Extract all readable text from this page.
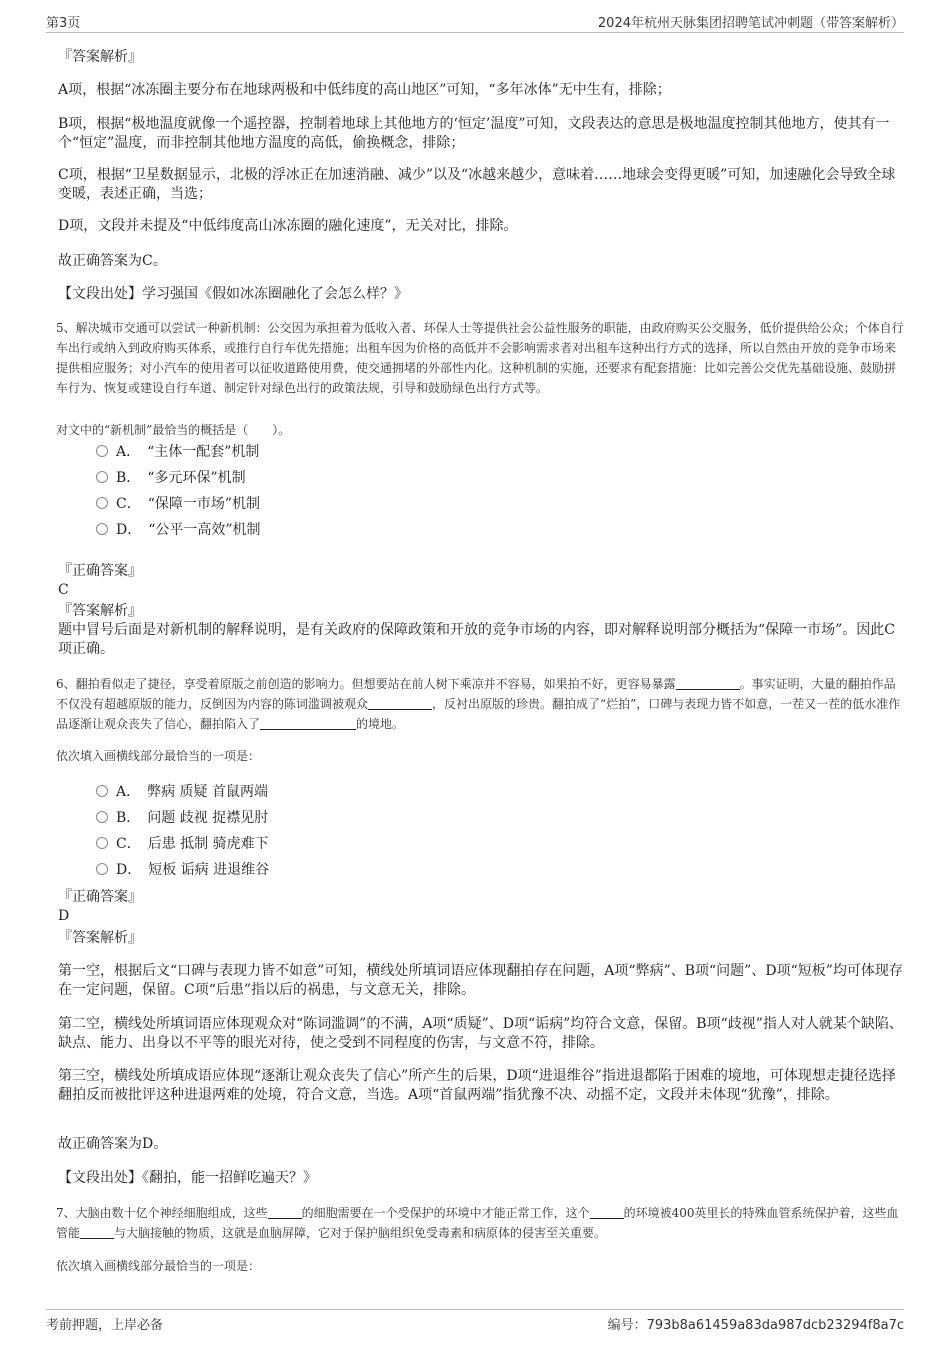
第3页	2024年杭州天脉集团招聘笔试冲刺题（带答案解析）

『答案解析』

A项，根据“冰冻圈主要分布在地球两极和中低纬度的高山地区”可知，“多年冰体”无中生有，排除；

B项，根据“极地温度就像一个遥控器，控制着地球上其他地方的‘恒定’温度”可知，文段表达的意思是极地温度控制其他地方，使其有一个“恒定”温度，而非控制其他地方温度的高低，偷换概念，排除；

C项，根据“卫星数据显示，北极的浮冰正在加速消融、减少”以及“冰越来越少，意味着……地球会变得更暖”可知，加速融化会导致全球变暖，表述正确，当选；

D项，文段并未提及“中低纬度高山冰冻圈的融化速度”，无关对比，排除。

故正确答案为C。

【文段出处】学习强国《假如冰冻圈融化了会怎么样？》

5、解决城市交通可以尝试一种新机制：公交因为承担着为低收入者、环保人士等提供社会公益性服务的职能，由政府购买公交服务，低价提供给公众；个体自行车出行或纳入到政府购买体系，或推行自行车优先措施；出租车因为价格的高低并不会影响需求者对出租车这种出行方式的选择，所以自然由开放的竞争市场来提供相应服务；对小汽车的使用者可以征收道路使用费，使交通拥堵的外部性内化。这种机制的实施，还要求有配套措施：比如完善公交优先基础设施、鼓励拼车行为、恢复或建设自行车道、制定针对绿色出行的政策法规，引导和鼓励绿色出行方式等。

对文中的“新机制”最恰当的概括是（　　）。

A．　“主体一配套”机制
B．　“多元环保”机制
C．　“保障一市场”机制
D．　“公平一高效”机制

『正确答案』

C

『答案解析』

题中冒号后面是对新机制的解释说明，是有关政府的保障政策和开放的竞争市场的内容，即对解释说明部分概括为“保障一市场”。因此C项正确。

6、翻拍看似走了捷径，享受着原版之前创造的影响力。但想要站在前人树下乘凉并不容易，如果拍不好，更容易暴露	。事实证明，大量的翻拍作品不仅没有超越原版的能力，反倒因为内容的陈词滥调被观众	，反衬出原版的珍贵。翻拍成了“烂拍”，口碑与表现力皆不如意，一茬又一茬的低水准作品逐渐让观众丧失了信心，翻拍陷入了	的境地。

依次填入画横线部分最恰当的一项是：

A．　弊病 质疑 首鼠两端
B．　问题 歧视 捉襟见肘
C．　后患 抵制 骑虎难下
D．　短板 诟病 进退维谷

『正确答案』

D

『答案解析』

第一空，根据后文“口碑与表现力皆不如意”可知，横线处所填词语应体现翻拍存在问题，A项“弊病”、B项“问题”、D项“短板”均可体现存在一定问题，保留。C项“后患”指以后的祸患，与文意无关，排除。

第二空，横线处所填词语应体现观众对“陈词滥调”的不满，A项“质疑”、D项“诟病”均符合文意，保留。B项“歧视”指人对人就某个缺陷、缺点、能力、出身以不平等的眼光对待，使之受到不同程度的伤害，与文意不符，排除。

第三空，横线处所填成语应体现“逐渐让观众丧失了信心”所产生的后果，D项“进退维谷”指进退都陷于困难的境地，可体现想走捷径选择翻拍反而被批评这种进退两难的处境，符合文意，当选。A项“首鼠两端”指犹豫不决、动摇不定，文段并未体现“犹豫”，排除。

故正确答案为D。

【文段出处】《翻拍，能一招鲜吃遍天？》

7、大脑由数十亿个神经细胞组成，这些	的细胞需要在一个受保护的环境中才能正常工作，这个	的环境被400英里长的特殊血管系统保护着，这些血管能	与大脑接触的物质，这就是血脑屏障，它对于保护脑组织免受毒素和病原体的侵害至关重要。

依次填入画横线部分最恰当的一项是：

考前押题，上岸必备	编号：793b8a61459a83da987dcb23294f8a7c
